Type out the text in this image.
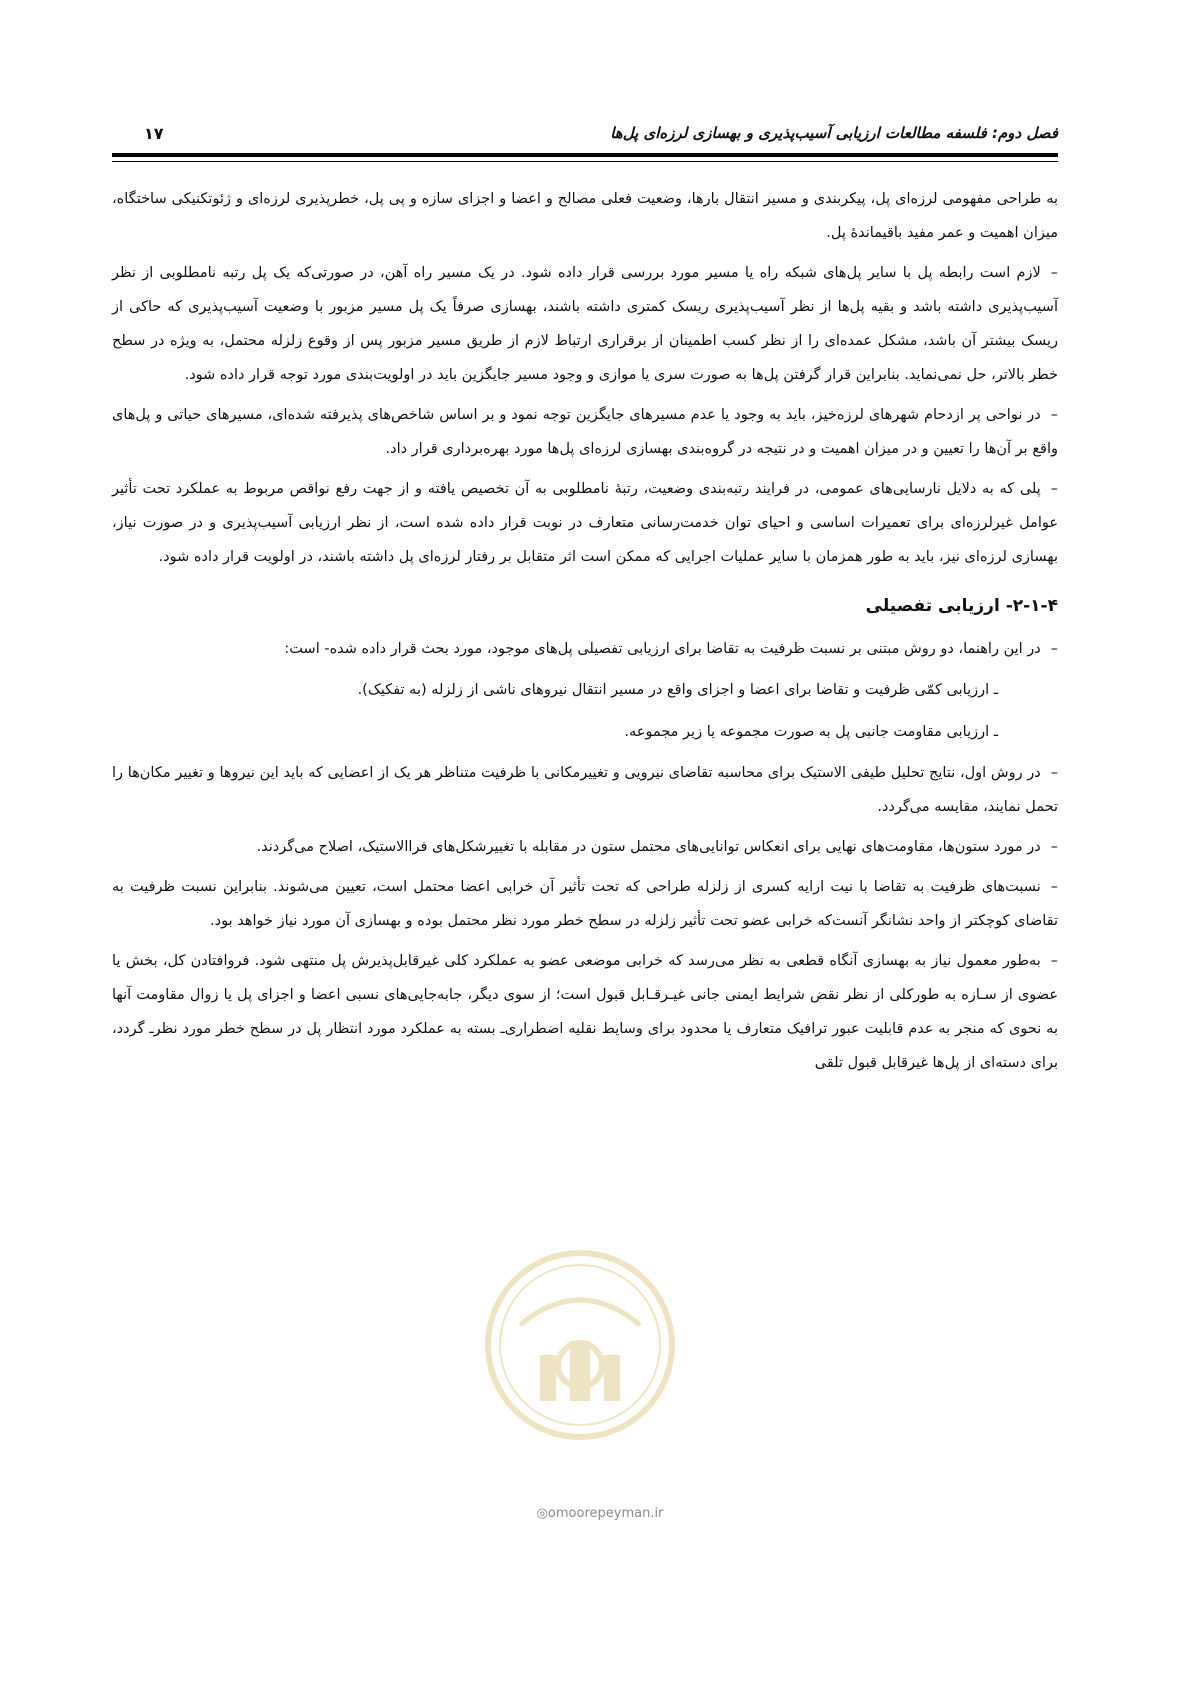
فصل دوم: فلسفه مطالعات ارزیابی آسیب‌پذیری و بهسازی لرزه‌ای پل‌ها
۱۷

به طراحی مفهومی لرزه‌ای پل، پیکربندی و مسیر انتقال بارها، وضعیت فعلی مصالح و اعضا و اجزای سازه و پی پل، خطرپذیری لرزه‌ای و ژئوتکنیکی ساختگاه، میزان اهمیت و عمر مفید باقیماندهٔ پل.

–لازم است رابطه پل با سایر پل‌های شبکه راه یا مسیر مورد بررسی قرار داده شود. در یک مسیر راه آهن، در صورتی‌که یک پل رتبه نامطلوبی از نظر آسیب‌پذیری داشته باشد و بقیه پل‌ها از نظر آسیب‌پذیری ریسک کمتری داشته باشند، بهسازی صرفاً یک پل مسیر مزبور با وضعیت آسیب‌پذیری که حاکی از ریسک بیشتر آن باشد، مشکل عمده‌ای را از نظر کسب اطمینان از برقراری ارتباط لازم از طریق مسیر مزبور پس از وقوع زلزله محتمل، به ویژه در سطح خطر بالاتر، حل نمی‌نماید. بنابراین قرار گرفتن پل‌ها به صورت سری یا موازی و وجود مسیر جایگزین باید در اولویت‌بندی مورد توجه قرار داده شود.

–در نواحی پر ازدحام شهرهای لرزه‌خیز، باید به وجود یا عدم مسیرهای جایگزین توجه نمود و بر اساس شاخص‌های پذیرفته شده‌ای، مسیرهای حیاتی و پل‌های واقع بر آن‌ها را تعیین و در میزان اهمیت و در نتیجه در گروه‌بندی بهسازی لرزه‌ای پل‌ها مورد بهره‌برداری قرار داد.

–پلی که به دلایل نارسایی‌های عمومی، در فرایند رتبه‌بندی وضعیت، رتبهٔ نامطلوبی به آن تخصیص یافته و از جهت رفع نواقص مربوط به عملکرد تحت تأثیر عوامل غیرلرزه‌ای برای تعمیرات اساسی و احیای توان خدمت‌رسانی متعارف در نوبت قرار داده شده است، از نظر ارزیابی آسیب‌پذیری و در صورت نیاز، بهسازی لرزه‌ای نیز، باید به طور همزمان با سایر عملیات اجرایی که ممکن است اثر متقابل بر رفتار لرزه‌ای پل داشته باشند، در اولویت قرار داده شود.

۲-۱-۴- ارزیابی تفصیلی

–در این راهنما، دو روش مبتنی بر نسبت ظرفیت به تقاضا برای ارزیابی تفصیلی پل‌های موجود، مورد بحث قرار داده شده- است:

ـ ارزیابی کمّی ظرفیت و تقاضا برای اعضا و اجزای واقع در مسیر انتقال نیروهای ناشی از زلزله (به تفکیک).

ـ ارزیابی مقاومت جانبی پل به صورت مجموعه یا زیر مجموعه.

–در روش اول، نتایج تحلیل طیفی الاستیک برای محاسبه تقاضای نیرویی و تغییرمکانی با ظرفیت متناظر هر یک از اعضایی که باید این نیروها و تغییر مکان‌ها را تحمل نمایند، مقایسه می‌گردد.

–در مورد ستون‌ها، مقاومت‌های نهایی برای انعکاس توانایی‌های محتمل ستون در مقابله با تغییرشکل‌های فراالاستیک، اصلاح می‌گردند.

–نسبت‌های ظرفیت به تقاضا با نیت ارایه کسری از زلزله طراحی که تحت تأثیر آن خرابی اعضا محتمل است، تعیین می‌شوند. بنابراین نسبت ظرفیت به تقاضای کوچکتر از واحد نشانگر آنست‌که خرابی عضو تحت تأثیر زلزله در سطح خطر مورد نظر محتمل بوده و بهسازی آن مورد نیاز خواهد بود.

–به‌طور معمول نیاز به بهسازی آنگاه قطعی به نظر می‌رسد که خرابی موضعی عضو به عملکرد کلی غیرقابل‌پذیرش پل منتهی شود. فروافتادن کل، بخش یا عضوی از سـازه به طورکلی از نظر نقض شرایط ایمنی جانی غیـرقـابل قبول است؛ از سوی دیگر، جابه‌جایی‌های نسبی اعضا و اجزای پل یا زوال مقاومت آنها به نحوی که منجر به عدم قابلیت عبور ترافیک متعارف یا محدود برای وسایط نقلیه اضطراری‌ـ بسته به عملکرد مورد انتظار پل در سطح خطر مورد نظرـ گردد، برای دسته‌ای از پل‌ها غیرقابل قبول تلقی

◎omoorepeyman.ir
